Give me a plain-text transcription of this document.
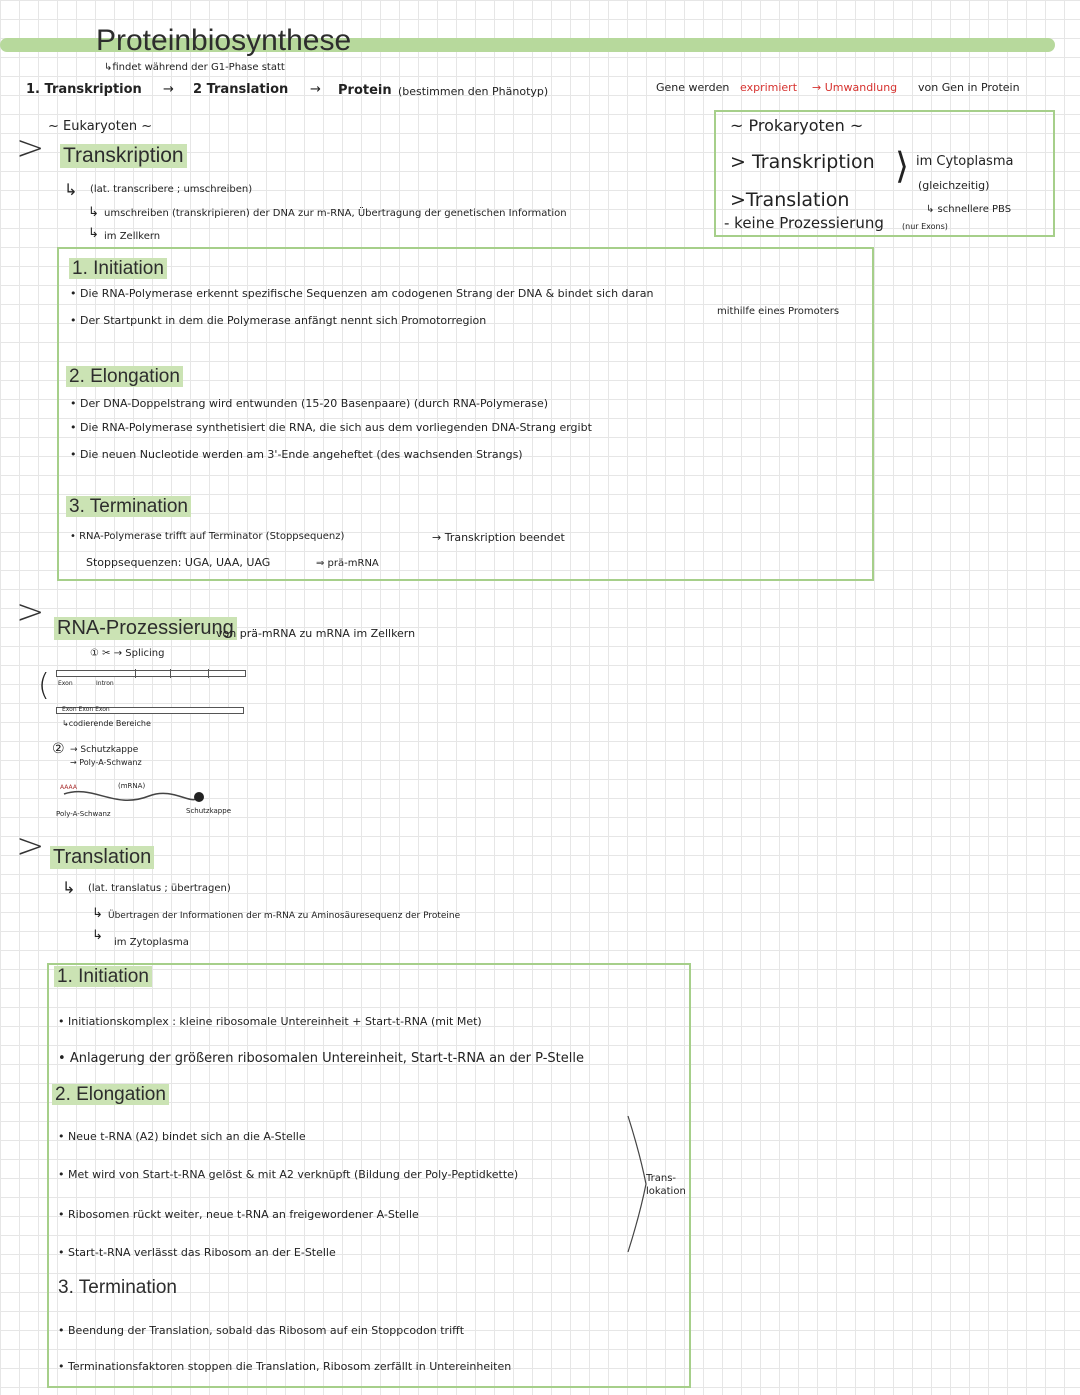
Proteinbiosynthese
↳findet während der G1-Phase statt
1. Transkription → 2 Translation → Protein (bestimmen den Phänotyp)	Gene werden exprimiert → Umwandlung von Gen in Protein
~ Eukaryoten ~
> Transkription
↳ (lat. transcribere ; umschreiben)
↳ umschreiben (transkripieren) der DNA zur m-RNA, Übertragung der genetischen Information
↳ im Zellkern
~ Prokaryoten ~
> Transkription ⟩ im Cytoplasma
(gleichzeitig)
>Translation	↳ schnellere PBS
- keine Prozessierung (nur Exons)
1. Initiation
• Die RNA-Polymerase erkennt spezifische Sequenzen am codogenen Strang der DNA & bindet sich daran
mithilfe eines Promoters
• Der Startpunkt in dem die Polymerase anfängt nennt sich Promotorregion
2. Elongation
• Der DNA-Doppelstrang wird entwunden (15-20 Basenpaare) (durch RNA-Polymerase)
• Die RNA-Polymerase synthetisiert die RNA, die sich aus dem vorliegenden DNA-Strang ergibt
• Die neuen Nucleotide werden am 3'-Ende angeheftet (des wachsenden Strangs)
3. Termination
• RNA-Polymerase trifft auf Terminator (Stoppsequenz)	→ Transkription beendet
Stoppsequenzen: UGA, UAA, UAG	⇒ prä-mRNA
> RNA-Prozessierung
von prä-mRNA zu mRNA im Zellkern
① ✂ → Splicing
Exon	Intron
(
Exon Exon Exon
↳codierende Bereiche
② → Schutzkappe
→ Poly-A-Schwanz
AAAA	(mRNA)
Poly-A-Schwanz	Schutzkappe
> Translation
↳ (lat. translatus ; übertragen)
↳ Übertragen der Informationen der m-RNA zu Aminosäuresequenz der Proteine
↳ im Zytoplasma
1. Initiation
• Initiationskomplex : kleine ribosomale Untereinheit + Start-t-RNA (mit Met)
• Anlagerung der größeren ribosomalen Untereinheit, Start-t-RNA an der P-Stelle
2. Elongation
• Neue t-RNA (A2) bindet sich an die A-Stelle
• Met wird von Start-t-RNA gelöst & mit A2 verknüpft (Bildung der Poly-Peptidkette)
• Ribosomen rückt weiter, neue t-RNA an freigewordener A-Stelle
• Start-t-RNA verlässt das Ribosom an der E-Stelle
Trans-
lokation
3. Termination
• Beendung der Translation, sobald das Ribosom auf ein Stoppcodon trifft
• Terminationsfaktoren stoppen die Translation, Ribosom zerfällt in Untereinheiten
